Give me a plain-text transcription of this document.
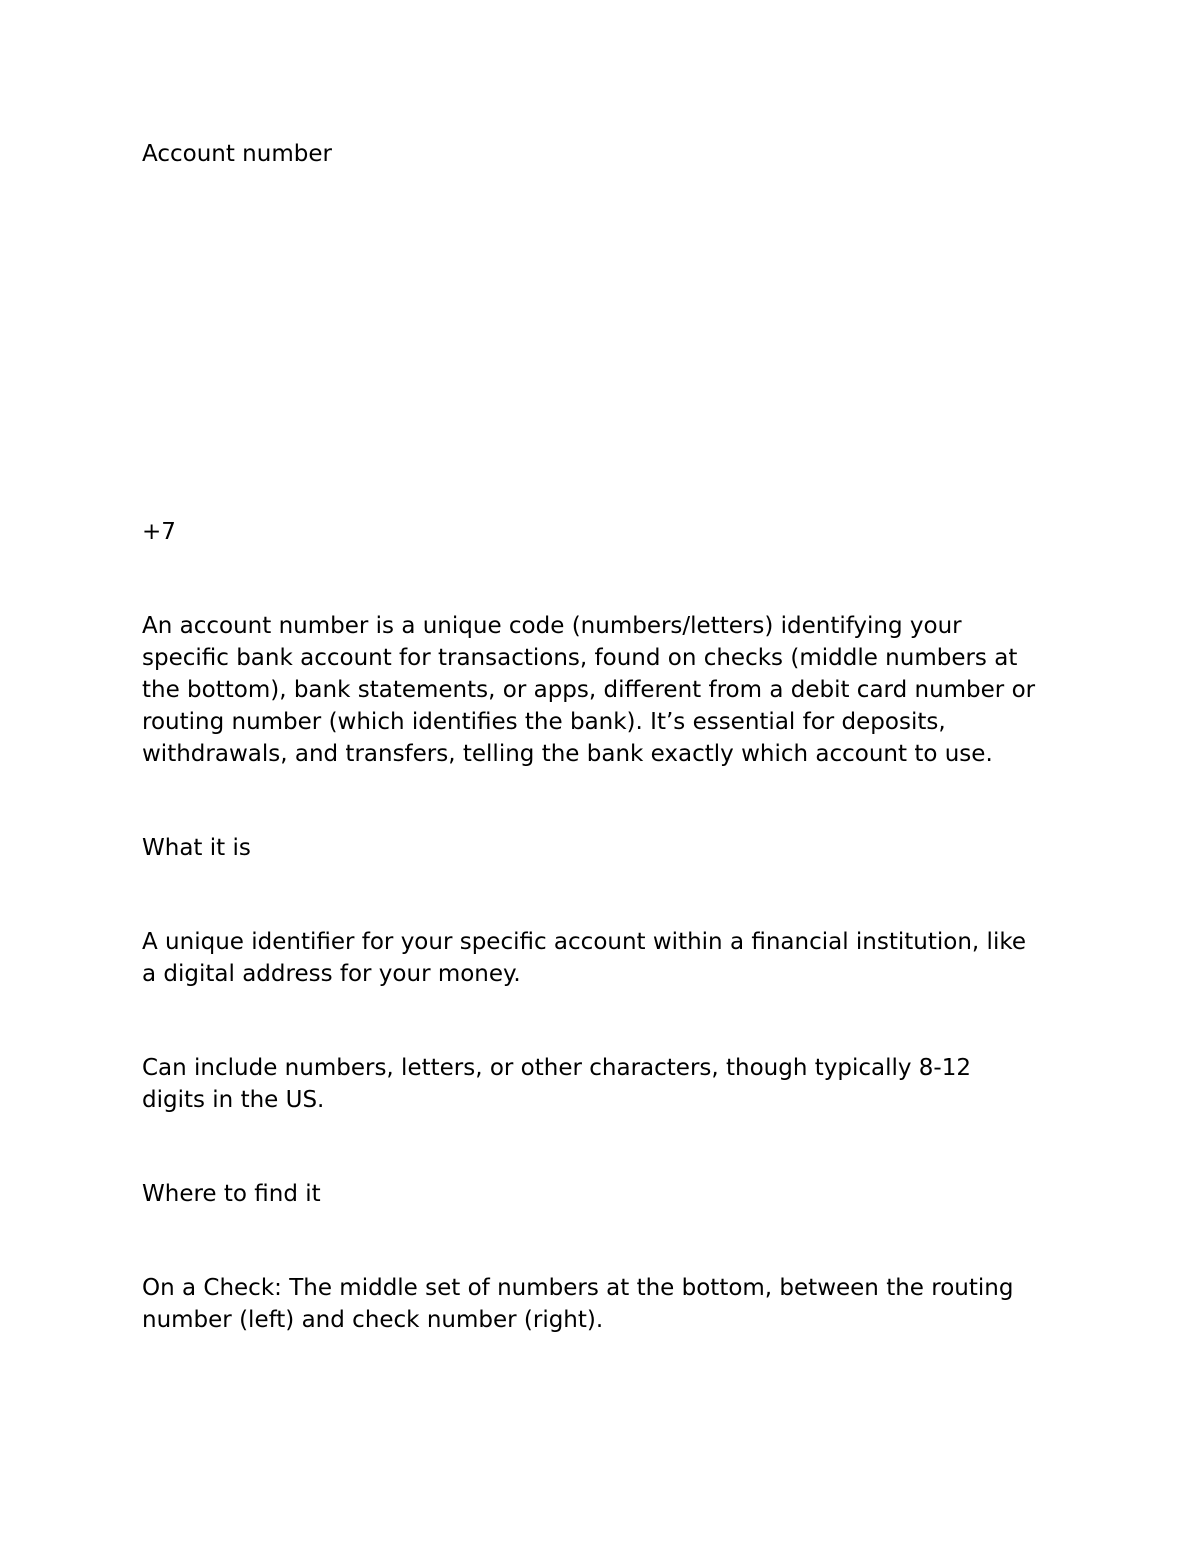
Account number

+7

An account number is a unique code (numbers/letters) identifying your
specific bank account for transactions, found on checks (middle numbers at
the bottom), bank statements, or apps, different from a debit card number or
routing number (which identifies the bank). It’s essential for deposits,
withdrawals, and transfers, telling the bank exactly which account to use.

What it is

A unique identifier for your specific account within a financial institution, like
a digital address for your money.

Can include numbers, letters, or other characters, though typically 8-12
digits in the US.

Where to find it

On a Check: The middle set of numbers at the bottom, between the routing
number (left) and check number (right).
